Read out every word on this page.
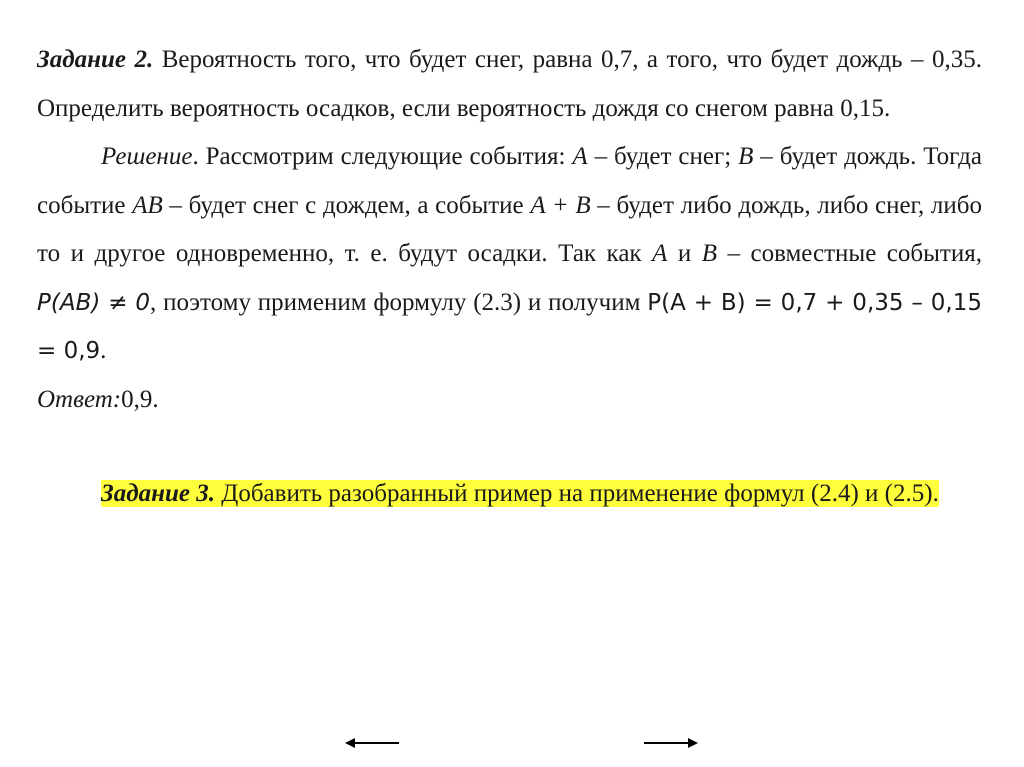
Задание 2. Вероятность того, что будет снег, равна 0,7, а того, что будет дождь – 0,35. Определить вероятность осадков, если вероятность дождя со снегом равна 0,15.

Решение. Рассмотрим следующие события: A – будет снег; B – будет дождь. Тогда событие AB – будет снег с дождем, а событие A + B – будет либо дождь, либо снег, либо то и другое одновременно, т. е. будут осадки. Так как A и B – совместные события, P(AB) ≠ 0, поэтому применим формулу (2.3) и получим P(A + B) = 0,7 + 0,35 – 0,15 = 0,9.

Ответ:0,9.

Задание 3. Добавить разобранный пример на применение формул (2.4) и (2.5).
